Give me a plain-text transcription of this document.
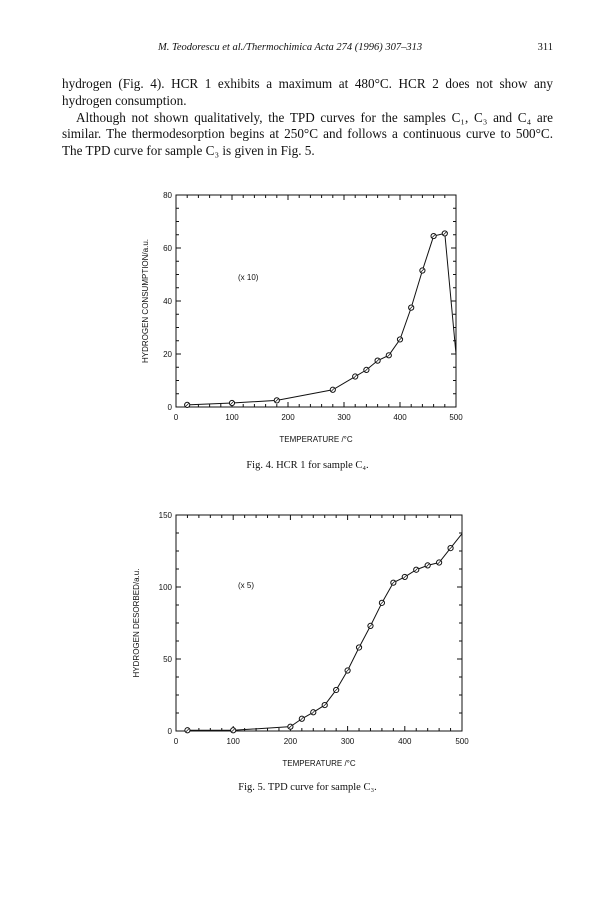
M. Teodorescu et al./Thermochimica Acta 274 (1996) 307–313	311

hydrogen (Fig. 4). HCR 1 exhibits a maximum at 480°C. HCR 2 does not show any hydrogen consumption.

Although not shown qualitatively, the TPD curves for the samples C₁, C₃ and C₄ are similar. The thermodesorption begins at 250°C and follows a continuous curve to 500°C. The TPD curve for sample C₃ is given in Fig. 5.

0	100	200	300	400	500
0
20
40
60
80
TEMPERATURE /°C
HYDROGEN CONSUMPTION/a.u.	(x 10)
Fig. 4. HCR 1 for sample C₄.
0	100	200	300	400	500
0
50
100
150
TEMPERATURE /°C
HYDROGEN DESORBED/a.u.	(x 5)
Fig. 5. TPD curve for sample C₃.
